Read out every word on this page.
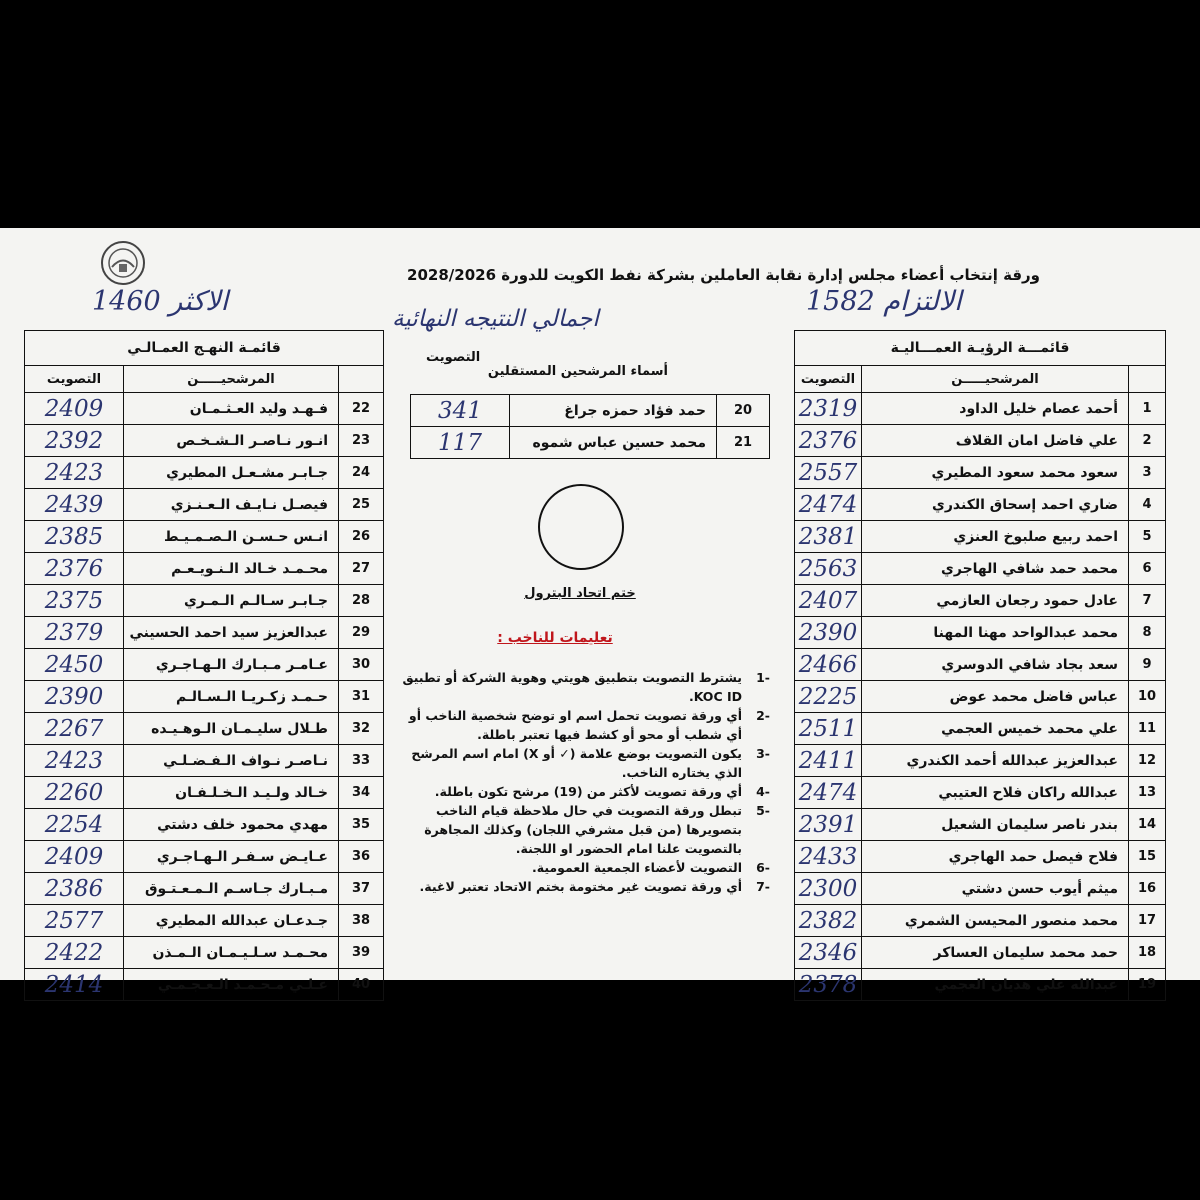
ورقة إنتخاب أعضاء مجلس إدارة نقابة العاملين بشركة نفط الكويت للدورة 2028/2026
1460 الاكثر
اجمالي النتيجه النهائية
1582 الالتزام
قائمـــة الرؤيـة العمـــاليـة		
التصويت	المرشحيـــــن	
2319	أحمد عصام خليل الداود	1
2376	علي فاضل امان القلاف	2
2557	سعود محمد سعود المطيري	3
2474	ضاري احمد إسحاق الكندري	4
2381	احمد ربيع صلبوخ العنزي	5
2563	محمد حمد شافي الهاجري	6
2407	عادل حمود رجعان العازمي	7
2390	محمد عبدالواحد مهنا المهنا	8
2466	سعد بجاد شافي الدوسري	9
2225	عباس فاضل محمد عوض	10
2511	علي محمد خميس العجمي	11
2411	عبدالعزيز عبدالله أحمد الكندري	12
2474	عبدالله راكان فلاح العتيبي	13
2391	بندر ناصر سليمان الشعيل	14
2433	فلاح فيصل حمد الهاجري	15
2300	ميثم أيوب حسن دشتي	16
2382	محمد منصور المحيسن الشمري	17
2346	حمد محمد سليمان العساكر	18
2378	عبدالله علي هديان العجمي	19
قائمـة النهـج العمـالـي		
التصويت	المرشحيـــــن	
2409	فـهـد وليد العـثـمـان	22
2392	انـور نـاصـر الـشـخـص	23
2423	جـابـر مشـعـل المطيري	24
2439	فيصـل نـايـف الـعـنـزي	25
2385	انـس حـسـن الـصـمـيـط	26
2376	محـمـد خـالد الـنـويـعـم	27
2375	جـابـر سـالـم الـمـري	28
2379	عبدالعزيز سيد احمد الحسيني	29
2450	عـامـر مـبـارك الـهـاجـري	30
2390	حـمـد زكـريـا الـسـالـم	31
2267	طـلال سليـمـان الـوهـيـده	32
2423	نـاصـر نـواف الـفـضـلـي	33
2260	خـالد ولـيـد الـخـلـفـان	34
2254	مهدي محمود خلف دشتي	35
2409	عـايـض سـفـر الـهـاجـري	36
2386	مـبـارك جـاسـم الـمـعـتـوق	37
2577	جـدعـان عبدالله المطيري	38
2422	محـمـد سـلـيـمـان الـمـذن	39
2414	عـلـي مـحـمـد الـعـجـمـي	40
أسماء المرشحين المستقلين
التصويت
341	حمد فؤاد حمزه جراغ	20
117	محمد حسين عباس شموه	21
ختم اتحاد البترول
تعليمات للناخب :
-1
يشترط التصويت بتطبيق هويتي وهوية الشركة أو تطبيق KOC ID.
-2
أي ورقة تصويت تحمل اسم او توضح شخصية الناخب أو أي شطب أو محو أو كشط فيها تعتبر باطلة.
-3
يكون التصويت بوضع علامة (✓ أو X) امام اسم المرشح الذي يختاره الناخب.
-4
أي ورقة تصويت لأكثر من (19) مرشح تكون باطلة.
-5
تبطل ورقة التصويت في حال ملاحظة قيام الناخب بتصويرها (من قبل مشرفي اللجان) وكذلك المجاهرة بالتصويت علنا امام الحضور او اللجنة.
-6
التصويت لأعضاء الجمعية العمومية.
-7
أي ورقة تصويت غير مختومة بختم الاتحاد تعتبر لاغية.
